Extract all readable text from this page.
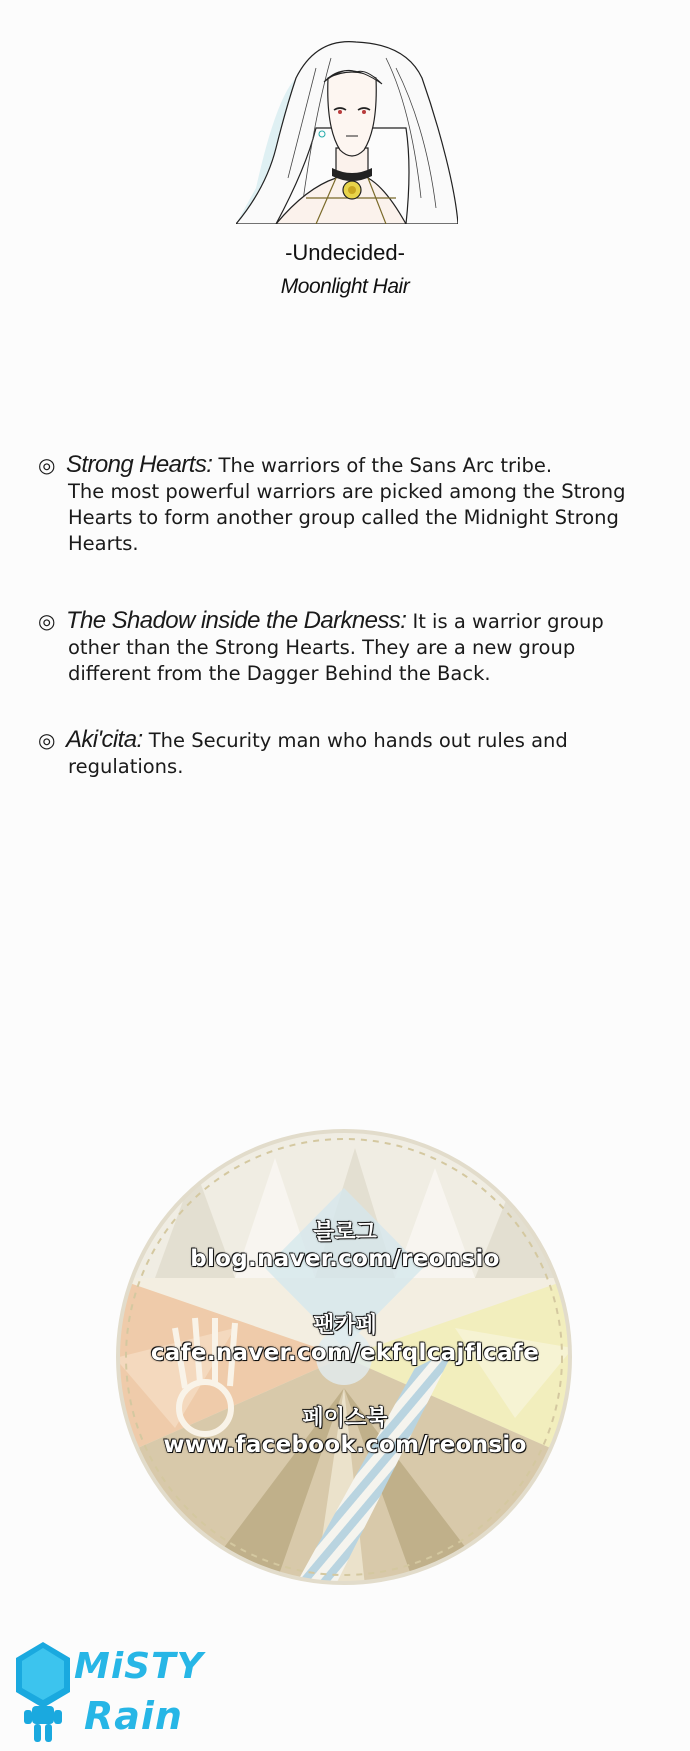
-Undecided-
Moonlight Hair
◎ Strong Hearts: The warriors of the Sans Arc tribe.
The most powerful warriors are picked among the Strong
Hearts to form another group called the Midnight Strong
Hearts.
◎ The Shadow inside the Darkness: It is a warrior group
other than the Strong Hearts. They are a new group
different from the Dagger Behind the Back.
◎ Aki'cita: The Security man who hands out rules and
regulations.
블로그
blog.naver.com/reonsio
팬카페
cafe.naver.com/ekfqlcajflcafe
페이스북
www.facebook.com/reonsio
MiSTY
Rain
